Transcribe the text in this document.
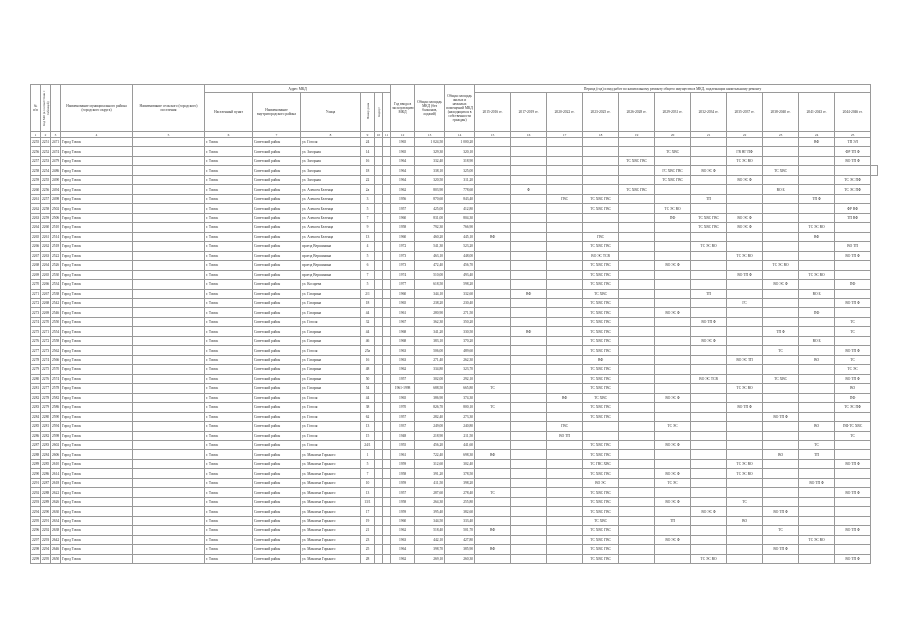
№ п/п	Код МО (в соответствии с таблицей)		Наименование муниципального района (городского округа)	Наименование сельского (городского) поселения	Адрес МКД						Год ввода в эксплуатацию МКД	Общая площадь МКД (без балконов, лоджий)	Общая площадь жилых и нежилых помещений МКД (находящихся в собственности граждан)	Период (год) и вид работ по капитальному ремонту общего имущества в МКД, подлежащих капитальному ремонту											
					Населенный пункт	Наименование внутригородского района	Улица	Номер дома	Корпус					2015-2016 гг.	2017-2019 гг.	2020-2022 гг.	2023-2025 гг.	2026-2028 гг.	2029-2031 гг.	2032-2034 гг.	2035-2037 гг.	2038-2040 гг.	2041-2043 гг.	2044-2046 гг.	
1	2	3	4	5	6	7	8	9	10	11	12	13	14	15	16	17	18	19	20	21	22	23	24	25	
2255	2251	2471	Город Томск		г. Томск	Советский район	ул. Гоголя	24			1965	1 024,50	1 000,20										ВФ	ТП ЭЛ	
2256	2252	2474	Город Томск		г. Томск	Советский район	ул. Загорная	14			1965	329,30	320,10						ТС ХВС		ГВ НГ ПФ			ФР ТП Ф	
2257	2253	2479	Город Томск		г. Томск	Советский район	ул. Загорная	16			1964	332,40	318,90					ТС ХВС ГВС			ТС ЭС ВО			ВО ТП Ф	
2258	2254	2486	Город Томск		г. Томск	Советский район	ул. Загорная	18			1964	338,10	325,00						ГС ХВС ГВС	ВО ЭС Ф		ТС ХВС			
2259	2255	2490	Город Томск		г. Томск	Советский район	ул. Загорная	22			1964	320,50	311,20						ТС ХВС ГВС		ВО ЭС Ф			ТС ЭС ПФ	
2260	2256	2494	Город Томск		г. Томск	Советский район	ул. Алексея Беленца	2а			1962	803,90	778,60		Ф			ТС ХВС ГВС				ВО Б		ТС ЭС ПФ	
2261	2257	2498	Город Томск		г. Томск	Советский район	ул. Алексея Беленца	3			1956	870,60	843,40			ГВС	ТС ХВС ГВС			ТП			ТП Ф		
2262	2258	2502	Город Томск		г. Томск	Советский район	ул. Алексея Беленца	5			1957	425,00	412,80				ТС ХВС ГВС		ТС ЭС ВО					ФР ВФ	
2263	2259	2506	Город Томск		г. Томск	Советский район	ул. Алексея Беленца	7			1960	831,00	804,30						ПФ	ТС ХВС ГВС	ВО ЭС Ф			ТП ВФ	
2264	2260	2510	Город Томск		г. Томск	Советский район	ул. Алексея Беленца	9			1958	792,30	766,90							ТС ХВС ГВС	ВО ЭС Ф		ТС ЭС ВО		
2265	2261	2514	Город Томск		г. Томск	Советский район	ул. Алексея Беленца	13			1960	460,20	445,10	ВФ			ГВС						ВФ		
2266	2262	2518	Город Томск		г. Томск	Советский район	проезд Вершинина	4			1972	541,30	523,20				ТС ХВС ГВС			ТС ЭС ВО				ВО ТП	
2267	2263	2522	Город Томск		г. Томск	Советский район	проезд Вершинина	5			1973	463,10	448,00				ВО ЭС ТСВ				ТС ЭС ВО			ВО ТП Ф	
2268	2264	2526	Город Томск		г. Томск	Советский район	проезд Вершинина	6			1973	472,40	456,70				ТС ХВС ГВС		ВО ЭС Ф			ТС ЭС ВО			
2269	2265	2530	Город Томск		г. Томск	Советский район	проезд Вершинина	7			1974	510,00	493,40				ТС ХВС ГВС				ВО ТП Ф		ТС ЭС ВО		
2270	2266	2534	Город Томск		г. Томск	Советский район	ул. Косарева	5			1977	618,50	598,20				ТС ХВС ГВС					ВО ЭС Ф		ПФ	
2271	2267	2538	Город Томск		г. Томск	Советский район	ул. Гагарина	2/1			1960	344,10	332,60		ВФ		ТС ХВС			ТП			ВО Б		
2272	2268	2542	Город Томск		г. Томск	Советский район	ул. Гагарина	18			1965	238,20	230,40				ТС ХВС ГВС				ГС			ВО ТП Ф	
2273	2269	2546	Город Томск		г. Томск	Советский район	ул. Гагарина	44			1961	280,90	271,50				ТС ХВС ГВС		ВО ЭС Ф				ПФ		
2274	2270	2550	Город Томск		г. Томск	Советский район	ул. Гоголя	32			1967	362,30	350,20				ТС ХВС ГВС			ВО ТП Ф				ТС	
2275	2271	2554	Город Томск		г. Томск	Советский район	ул. Гагарина	44			1968	341,20	330,50		ВФ		ТС ХВС ГВС					ТП Ф		ТС	
2276	2272	2558	Город Томск		г. Томск	Советский район	ул. Гагарина	46			1968	383,10	370,20				ТС ХВС ГВС			ВО ЭС Ф			ВО Б		
2277	2273	2562	Город Томск		г. Томск	Советский район	ул. Гоголя	25а			1963	506,00	489,60				ТС ХВС ГВС					ТС		ВО ТП Ф	
2278	2274	2566	Город Томск		г. Томск	Советский район	ул. Гагарина	16			1963	271,40	262,30				ВФ				ВО ЭС ТП		ВО	ТС	
2279	2275	2570	Город Томск		г. Томск	Советский район	ул. Гагарина	48			1962	334,80	323,70				ТС ХВС ГВС							ТС ЭС	
2280	2276	2574	Город Томск		г. Томск	Советский район	ул. Гагарина	50			1957	302,00	292,10				ТС ХВС ГВС			ВО ЭС ТСВ		ТС ХВС		ВО ТП Ф	
2281	2277	2578	Город Томск		г. Томск	Советский район	ул. Гагарина	54			1961-1998	688,50	665,80	ТС			ТС ХВС ГВС				ТС ЭС ВО			ВО	
2282	2278	2582	Город Томск		г. Томск	Советский район	ул. Гоголя	44			1965	386,90	374,30			ВФ	ТС ХВС		ВО ЭС Ф					ПФ	
2283	2279	2586	Город Томск		г. Томск	Советский район	ул. Гоголя	38			1970	826,70	800,10	ТС			ТС ХВС ГВС				ВО ТП Ф			ТС ЭС ПФ	
2284	2280	2590	Город Томск		г. Томск	Советский район	ул. Гоголя	62			1957	282,40	273,30				ТС ХВС ГВС					ВО ТП Ф			
2285	2281	2594	Город Томск		г. Томск	Советский район	ул. Гоголя	13			1937	249,00	240,80			ГВС			ТС ЭС				ВО	ПФ ТС ХВС	
2286	2282	2598	Город Томск		г. Томск	Советский район	ул. Гоголя	15			1948	218,90	211,50			ВО ТП								ТС	
2287	2283	2602	Город Томск		г. Томск	Советский район	ул. Гоголя	24/1			1955	456,20	441,60				ТС ХВС ГВС		ВО ЭС Ф				ТС		
2288	2284	2606	Город Томск		г. Томск	Советский район	ул. Максима Горького	1			1961	722,40	698,30	ВФ			ТС ХВС ГВС					ВО	ТП		
2289	2285	2610	Город Томск		г. Томск	Советский район	ул. Максима Горького	5			1959	312,60	302,40				ТС ГВС ХВС				ТС ЭС ВО			ВО ТП Ф	
2290	2286	2614	Город Томск		г. Томск	Советский район	ул. Максима Горького	7			1958	391,20	378,50				ТС ХВС ГВС		ВО ЭС Ф		ТС ЭС ВО				
2291	2287	2618	Город Томск		г. Томск	Советский район	ул. Максима Горького	10			1959	411,50	398,20				ВО ЭС		ТС ЭС				ВО ТП Ф		
2292	2288	2622	Город Томск		г. Томск	Советский район	ул. Максима Горького	13			1957	287,60	278,40	ТС			ТС ХВС ГВС							ВО ТП Ф	
2293	2289	2626	Город Томск		г. Томск	Советский район	ул. Максима Горького	13/1			1958	264,30	255,80				ТС ХВС ГВС		ВО ЭС Ф		ТС				
2294	2290	2630	Город Томск		г. Томск	Советский район	ул. Максима Горького	17			1959	395,40	382,60				ТС ХВС ГВС			ВО ЭС Ф		ВО ТП Ф			
2295	2291	2634	Город Томск		г. Томск	Советский район	ул. Максима Горького	19			1960	344,50	333,40				ТС ХВС		ТП		ВО				
2296	2292	2638	Город Томск		г. Томск	Советский район	ул. Максима Горького	21			1962	518,40	501,70	ВФ			ТС ХВС ГВС					ТС		ВО ТП Ф	
2297	2293	2642	Город Томск		г. Томск	Советский район	ул. Максима Горького	23			1963	442,10	427,80				ТС ХВС ГВС		ВО ЭС Ф				ТС ЭС ВО		
2298	2294	2646	Город Томск		г. Томск	Советский район	ул. Максима Горького	25			1964	398,70	385,90	ВФ			ТС ХВС ГВС					ВО ТП Ф			
2299	2295	2650	Город Томск		г. Томск	Советский район	ул. Максима Горького	28			1962	269,10	260,30				ТС ХВС ГВС			ТС ЭС ВО				ВО ТП Ф	
